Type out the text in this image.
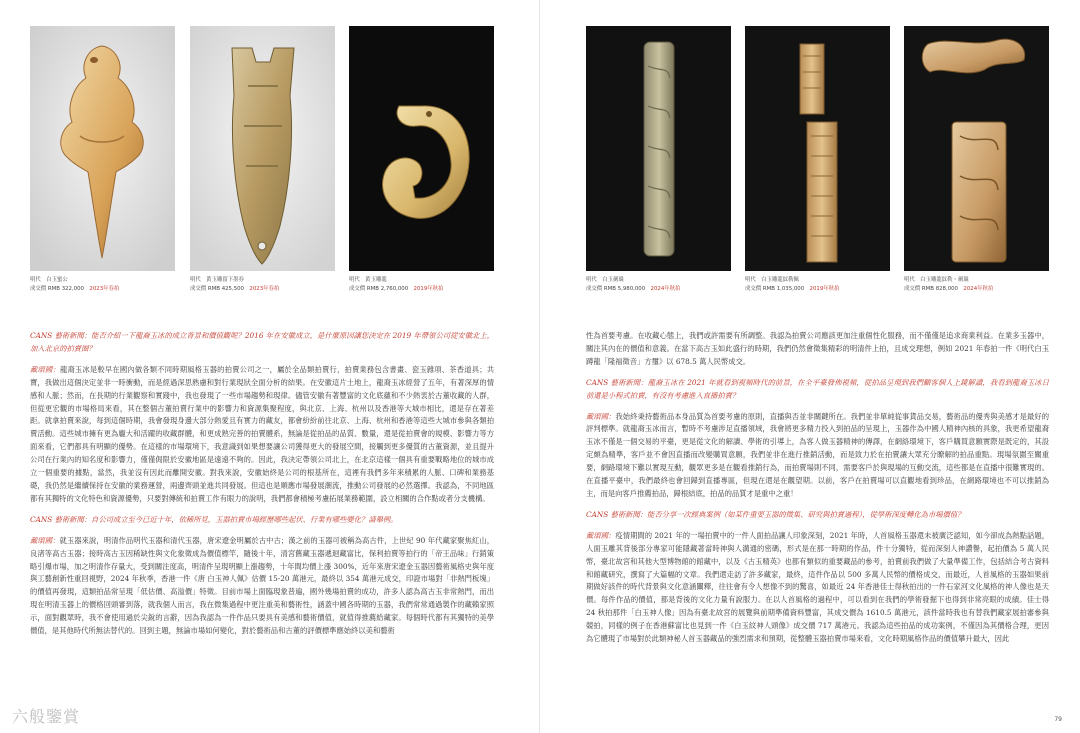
明代　白玉蜜公
成交價 RMB 322,000　 2023年春拍
明代　黃玉雕留下墨券
成交價 RMB 425,500　 2023年春拍
明代　黃玉雕龍
成交價 RMB 2,760,000　 2019年秋拍

CANS 藝術新聞：能否介紹一下龍裔玉冰的成立背景和價值觀呢？2016 年在安徽成立，是什麼原因讓您決定在 2019 年帶領公司從安徽北上，加入北京的拍賣圈？

戴頌國：龍裔玉冰是較早在國內做各類不同時期風格玉器的拍賣公司之一，屬於全品類拍賣行，拍賣業務包含書畫、瓷玉雜項、茶香道具；共寶，我做出這個決定並非一時衝動，而是經過深思熟慮和對行業現狀全面分析的結果。在安徽這片土地上，龍裔玉冰經營了五年，有著深厚的情感和人脈；然而，在長期的行業觀察和實踐中，我也發現了一些市場趨勢和現律。儘管安徽有著豐富的文化底蘊和不少熱衷於古董收藏的人群，但從更宏觀的市場格局來看，其在整個古董拍賣行業中的影響力和資源集聚程度，與北京、上海、杭州以及香港等大城市相比，還是存在著差距。就拿拍賣來說，每到這個時期，我會發現身邊大部分熱愛且有實力的藏友，都會紛紛前往北京、上海、杭州和香港等這些大城市參與各類拍賣活動。這些城市擁有更為龐大和活躍的收藏群體，和更成熟完善的拍賣體系，無論是從拍品的品質、數量，還是從拍賣會的規模、影響力等方面來看，它們都具有明顯的優勢。在這樣的市場環境下，我意識到如果想要讓公司獲得更大的發展空間，接觸到更多優質的古董資源，並且提升公司在行業內的知名度和影響力，僅僅侷限於安徽地區是遠遠不夠的。因此，我決定帶領公司北上，在北京這樣一個具有重要戰略地位的城市成立一個重要的據點，當然，我並沒有因此而離開安徽。對我來說，安徽始終是公司的根基所在，這裡有我們多年來積累的人脈、口碑和業務基礎，我仍然是繼續保持在安徽的業務運營，兩邊齊頭並進共同發展。但這也是順應市場發展潮流，推動公司發展的必然選擇。我認為，不同地區都有其獨特的文化特色和資源優勢，只要對傳統和拍賣工作有眼力的說明，我們都會積極考慮拓展業務範圍，設立相關的合作點或者分支機構。

CANS 藝術新聞：自公司成立至今已近十年，依稀所見，玉器拍賣市場經歷哪些起伏、行業有哪些變化？請舉例。

戴頌國：就玉器來說，明清作品明代玉器和清代玉器，唐宋遼金明屬於古中古；漢之前的玉器可被稱為高古件，上世紀 90 年代藏家聚焦紅山，良渚等高古玉器；接時高古玉因稀缺性與文化象徵成為價值標竿，隨後十年，清宮舊藏玉器遞迴藏富比，保利拍賣等拍行的「帝王品味」行銷策略引爆市場，加之明清作存量大，受到關注度高，明清件呈現明顯上漲趨勢，十年間均價上漲 300%，近年來唐宋遼金玉器因藝術風格史與年度與工藝創新性重回視野，2024 年秋季，香港一件《唐 白玉神人佩》估價 15-20 萬港元，最終以 354 萬港元成交，印證市場對「非熱門板塊」的價值再發現，這類拍品常呈現「低估價、高溢價」特徵。目前市場上面臨現象普遍，國外幾場拍賣的成功，許多人認為高古玉非常熱門，而出現在明清玉器上的價格回頭審到落，就我個人而言，我在微集過程中更注重美和藝術性，涵蓋中國各時期的玉器，我們常常通過製作的藏賴家照示，面對觀眾時，我不會使用過於尖銳的言辭，因為我認為一件作品只要具有美感和藝術價值，就值得推薦給藏家。每個時代都有其獨特的美學價值，是其他時代所無法替代的。回到主題，無論市場如何變化，對於藝術品和古董的評價標準應始終以美和藝術

六般鑒賞
明代　白玉劍璏
成交價 RMB 5,980,000　 2024年秋拍
明代　白玉雕龍紋勒佩
成交價 RMB 1,035,000　 2019年秋拍
明代　白玉雕龍紋勒・劍璏
成交價 RMB 828,000　 2024年秋拍

性為首要考慮。在收藏心態上，我們或許需要有所調整。我認為拍賣公司應該更加注重個性化服務，而不僅僅是追求商業利益。在業多玉器中，關注其內在的價值和意義。在當下高古玉如此盛行的時期，我們仍然會徵集精彩的明清件上拍，且成交理想，例如 2021 年春拍一件《明代白玉蹲龍「隆福徵音」方璽》以 678.5 萬人民幣成交。

CANS 藝術新聞：龍裔玉冰在 2021 年就看到視頻時代的前景，在全平臺發佈視頻，從拍品呈現到我們顧客個人上鏡解讀，我看到龍裔玉冰日前還是小程式拍賣，有沒有考慮進入直播拍賣？

戴頌國：我始終秉持藝術品本身品質為首要考慮的原則，直播與否並非關鍵所在。我們並非單純從事貨品交易，藝術品的優秀與美感才是最好的評判標準。就龍裔玉冰而言，暫時不考慮涉足直播領域，我會將更多精力投入到拍品的呈現上，玉器作為中國人精神內核的具象，我更希望龍裔玉冰不僅是一個交易的平臺，更是從文化的解讀、學術的引導上，為客人做玉器精神的傳譯，在網絡環境下，客戶購買意願實際是既定的，其設定頗為精準，客戶並不會因直播而改變購買意願，我們並非在進行推銷活動，而是致力於在拍賣讓大眾充分瞭解的拍品重點。現場氛圍至關重要，網路環境下難以實現互動，觀眾更多是在觀看推銷行為，而拍賣場則不同，需要客戶於與現場的互動交流，這些都是在直播中很難實現的。在直播平臺中，我們最終也會回歸到直播專區，但現在還是在觀望期。以前，客戶在拍賣場可以直觀地看到珍品，在網路環境也不可以推銷為主，而是向客戶推薦拍品，歸根結底，拍品的品質才是重中之重！

CANS 藝術新聞：能否分享一次經典案例（如某件重要玉器的徵集、研究與拍賣過程），從學術深度轉化為市場價值？

戴頌國：疫情期間的 2021 年的一場拍賣中的一件人面拍品讓人印象深刻，2021 年時，人首風格玉器還未被廣泛認知，如今卻成為熱點話題，人面玉雕其背後部分專家可能隱藏著當時神與人溝通的密碼，形式是在那一時期的作品，件十分獨特，從而深刻人神讚譽，起拍價為 5 萬人民幣，臺北故宮和其他大型博物館的館藏中，以及《古玉精英》也都有類似的重要藏品的參考，拍賣前我們做了大量準備工作，包括結合考古資料和館藏研究，撰寫了大篇幅的文章。我們還走訪了許多藏家，最終，這件作品以 500 多萬人民幣的價格成交，而最近，人首風格的玉器如果前期做好該件的時代背景與文化意涵闡釋，往往會有令人想像不到的驚喜，如最近 24 年香港佳士得秋拍出的一件石家河文化風格的神人像也是天價。每件作品的價值，都是背後的文化力量有說服力。在以人首風格的過程中，可以看到在我們的學術發掘下也得到非常亮眼的成績。佳士得 24 秋拍那件「白玉神人像」因為有臺北故宮的展覽與前期準備資料豐富，其成交價為 1610.5 萬港元，該件當時我也有替我們藏家展拍審參與競拍，同樣的例子在香港蘇富比也見到一件《白玉紋神人頭像》成交價 717 萬港元。我認為這些拍品的成功案例，不僅因為其價格合理，更因為它體現了市場對於此類神秘人首玉器藏品的強烈需求和預期，從整體玉器拍賣市場來看，文化時期風格作品的價值攀升最大，因此

79
